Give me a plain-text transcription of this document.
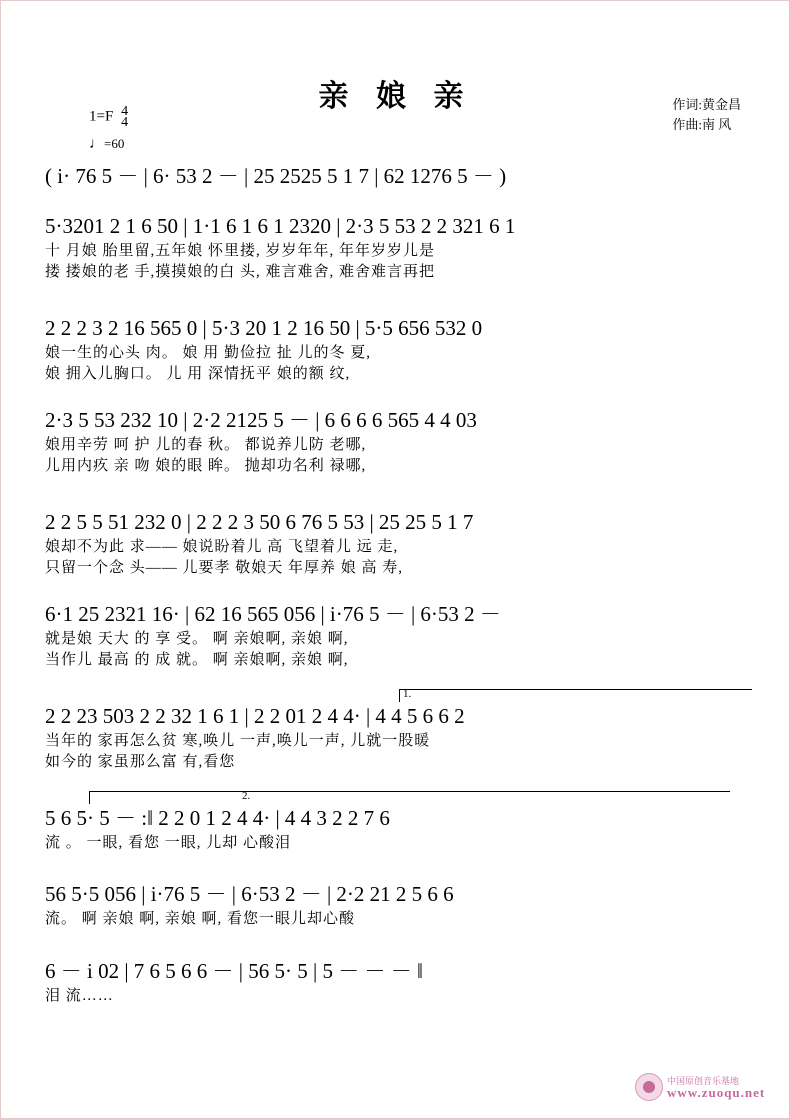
亲 娘 亲	作词:黄金昌
作曲:南 风
1=F 4
4
♩=60
( i· 76 5 － | 6· 53 2 － | 25 2525 5 1 7 | 62 1276 5 － )
5·3201 2 1 6 50 | 1·1 6 1 6 1 2320 | 2·3 5 53 2 2 321 6 1
十 月娘 胎里留,五年娘 怀里搂, 岁岁年年, 年年岁岁儿是
搂 搂娘的老 手,摸摸娘的白 头, 难言难舍, 难舍难言再把
2 2 2 3 2 16 565 0 | 5·3 20 1 2 16 50 | 5·5 656 532 0
娘一生的心头 肉。 娘 用 勤俭拉 扯 儿的冬 夏,
娘 拥入儿胸口。 儿 用 深情抚平 娘的额 纹,
2·3 5 53 232 10 | 2·2 2125 5 － | 6 6 6 6 565 4 4 03
娘用辛劳 呵 护 儿的春 秋。 都说养儿防 老哪,
儿用内疚 亲 吻 娘的眼 眸。 抛却功名利 禄哪,
2 2 5 5 51 232 0 | 2 2 2 3 50 6 76 5 53 | 25 25 5 1 7
娘却不为此 求—— 娘说盼着儿 高 飞望着儿 远 走,
只留一个念 头—— 儿要孝 敬娘天 年厚养 娘 高 寿,
6·1 25 2321 16· | 62 16 565 056 | i·76 5 － | 6·53 2 －
就是娘 天大 的 享 受。 啊 亲娘啊, 亲娘 啊,
当作儿 最高 的 成 就。 啊 亲娘啊, 亲娘 啊,
1.
2 2 23 503 2 2 32 1 6 1 | 2 2 01 2 4 4· | 4 4 5 6 6 2
当年的 家再怎么贫 寒,唤儿 一声,唤儿一声, 儿就一股暖
如今的 家虽那么富 有,看您
2.
5 6 5· 5 － :‖ 2 2 0 1 2 4 4· | 4 4 3 2 2 7 6
流 。 一眼, 看您 一眼, 儿却 心酸泪
56 5·5 056 | i·76 5 － | 6·53 2 － | 2·2 21 2 5 6 6
流。 啊 亲娘 啊, 亲娘 啊, 看您一眼儿却心酸
6 － i 02 | 7 6 5 6 6 － | 56 5· 5 | 5 － － － ‖
泪 流……
中国原创音乐基地
www.zuoqu.net
